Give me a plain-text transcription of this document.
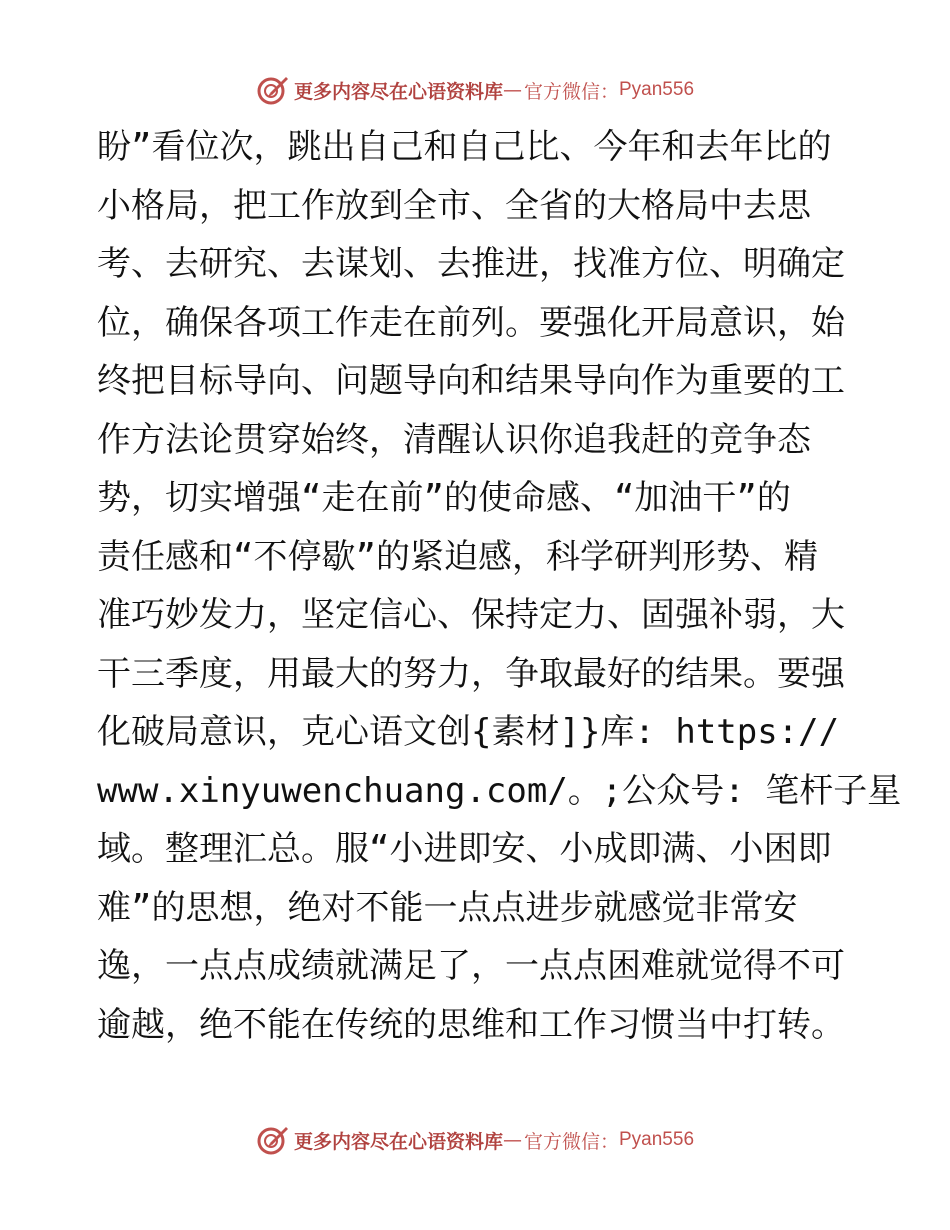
更多内容尽在心语资料库 — 官方微信： Pyan556
盼”看位次，跳出自己和自己比、今年和去年比的
小格局，把工作放到全市、全省的大格局中去思
考、去研究、去谋划、去推进，找准方位、明确定
位，确保各项工作走在前列。要强化开局意识，始
终把目标导向、问题导向和结果导向作为重要的工
作方法论贯穿始终，清醒认识你追我赶的竞争态
势，切实增强“走在前”的使命感、“加油干”的
责任感和“不停歇”的紧迫感，科学研判形势、精
准巧妙发力，坚定信心、保持定力、固强补弱，大
干三季度，用最大的努力，争取最好的结果。要强
化破局意识，克心语文创{素材]}库: https://
www.xinyuwenchuang.com/。;公众号: 笔杆子星
域。整理汇总。服“小进即安、小成即满、小困即
难”的思想，绝对不能一点点进步就感觉非常安
逸，一点点成绩就满足了，一点点困难就觉得不可
逾越，绝不能在传统的思维和工作习惯当中打转。
更多内容尽在心语资料库 — 官方微信： Pyan556
